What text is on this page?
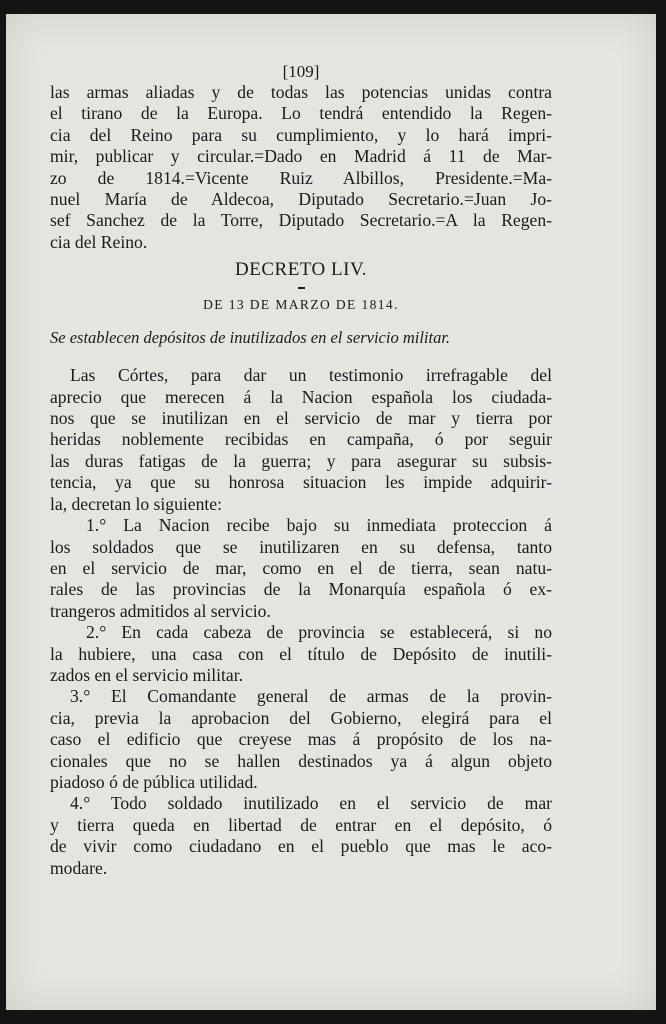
[109]
las armas aliadas y de todas las potencias unidas contra
el tirano de la Europa. Lo tendrá entendido la Regen-
cia del Reino para su cumplimiento, y lo hará impri-
mir, publicar y circular.=Dado en Madrid á 11 de Mar-
zo de 1814.=Vicente Ruiz Albillos, Presidente.=Ma-
nuel María de Aldecoa, Diputado Secretario.=Juan Jo-
sef Sanchez de la Torre, Diputado Secretario.=A la Regen-
cia del Reino.
DECRETO LIV.
DE 13 DE MARZO DE 1814.
Se establecen depósitos de inutilizados en el servicio militar.
Las Córtes, para dar un testimonio irrefragable del
aprecio que merecen á la Nacion española los ciudada-
nos que se inutilizan en el servicio de mar y tierra por
heridas noblemente recibidas en campaña, ó por seguir
las duras fatigas de la guerra; y para asegurar su subsis-
tencia, ya que su honrosa situacion les impide adquirir-
la, decretan lo siguiente:
1.° La Nacion recibe bajo su inmediata proteccion á
los soldados que se inutilizaren en su defensa, tanto
en el servicio de mar, como en el de tierra, sean natu-
rales de las provincias de la Monarquía española ó ex-
trangeros admitidos al servicio.
2.° En cada cabeza de provincia se establecerá, si no
la hubiere, una casa con el título de Depósito de inutili-
zados en el servicio militar.
3.° El Comandante general de armas de la provin-
cia, previa la aprobacion del Gobierno, elegirá para el
caso el edificio que creyese mas á propósito de los na-
cionales que no se hallen destinados ya á algun objeto
piadoso ó de pública utilidad.
4.° Todo soldado inutilizado en el servicio de mar
y tierra queda en libertad de entrar en el depósito, ó
de vivir como ciudadano en el pueblo que mas le aco-
modare.
